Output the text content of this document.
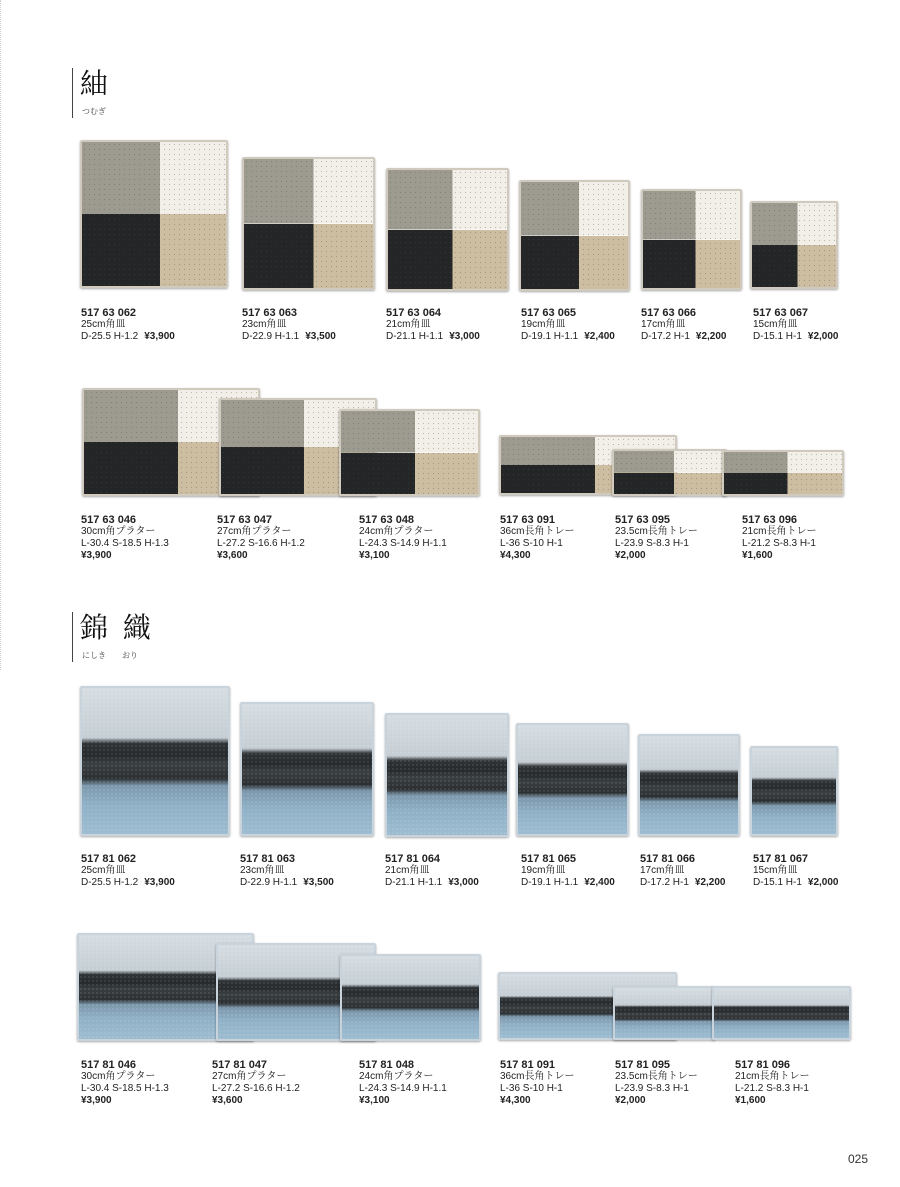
紬
つむぎ
517 63 062
25cm角皿
D-25.5 H-1.2 ¥3,900
517 63 063
23cm角皿
D-22.9 H-1.1 ¥3,500
517 63 064
21cm角皿
D-21.1 H-1.1 ¥3,000
517 63 065
19cm角皿
D-19.1 H-1.1 ¥2,400
517 63 066
17cm角皿
D-17.2 H-1 ¥2,200
517 63 067
15cm角皿
D-15.1 H-1 ¥2,000
517 63 046
30cm角プラター
L-30.4 S-18.5 H-1.3
¥3,900
517 63 047
27cm角プラター
L-27.2 S-16.6 H-1.2
¥3,600
517 63 048
24cm角プラター
L-24.3 S-14.9 H-1.1
¥3,100
517 63 091
36cm長角トレー
L-36 S-10 H-1
¥4,300
517 63 095
23.5cm長角トレー
L-23.9 S-8.3 H-1
¥2,000
517 63 096
21cm長角トレー
L-21.2 S-8.3 H-1
¥1,600
錦 織
にしき　　おり
517 81 062
25cm角皿
D-25.5 H-1.2 ¥3,900
517 81 063
23cm角皿
D-22.9 H-1.1 ¥3,500
517 81 064
21cm角皿
D-21.1 H-1.1 ¥3,000
517 81 065
19cm角皿
D-19.1 H-1.1 ¥2,400
517 81 066
17cm角皿
D-17.2 H-1 ¥2,200
517 81 067
15cm角皿
D-15.1 H-1 ¥2,000
517 81 046
30cm角プラター
L-30.4 S-18.5 H-1.3
¥3,900
517 81 047
27cm角プラター
L-27.2 S-16.6 H-1.2
¥3,600
517 81 048
24cm角プラター
L-24.3 S-14.9 H-1.1
¥3,100
517 81 091
36cm長角トレー
L-36 S-10 H-1
¥4,300
517 81 095
23.5cm長角トレー
L-23.9 S-8.3 H-1
¥2,000
517 81 096
21cm長角トレー
L-21.2 S-8.3 H-1
¥1,600
025
